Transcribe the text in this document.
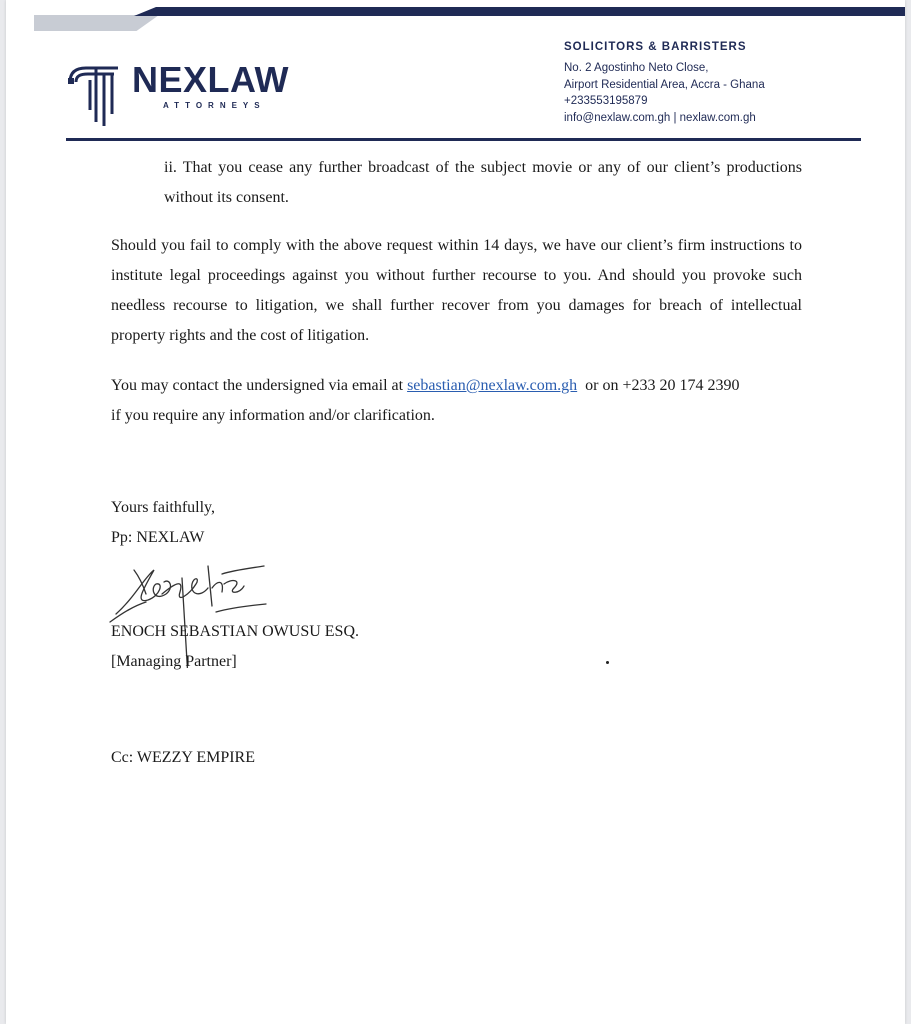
NEXLAW
ATTORNEYS
SOLICITORS & BARRISTERS
No. 2 Agostinho Neto Close,
Airport Residential Area, Accra - Ghana
+233553195879
info@nexlaw.com.gh | nexlaw.com.gh
ii. That you cease any further broadcast of the subject movie or any of our client’s productions without its consent.
Should you fail to comply with the above request within 14 days, we have our client’s firm instructions to institute legal proceedings against you without further recourse to you. And should you provoke such needless recourse to litigation, we shall further recover from you damages for breach of intellectual property rights and the cost of litigation.
You may contact the undersigned via email at sebastian@nexlaw.com.gh  or on +233 20 174 2390
if you require any information and/or clarification.
Yours faithfully,
Pp: NEXLAW
ENOCH SEBASTIAN OWUSU ESQ.
[Managing Partner]
Cc: WEZZY EMPIRE
